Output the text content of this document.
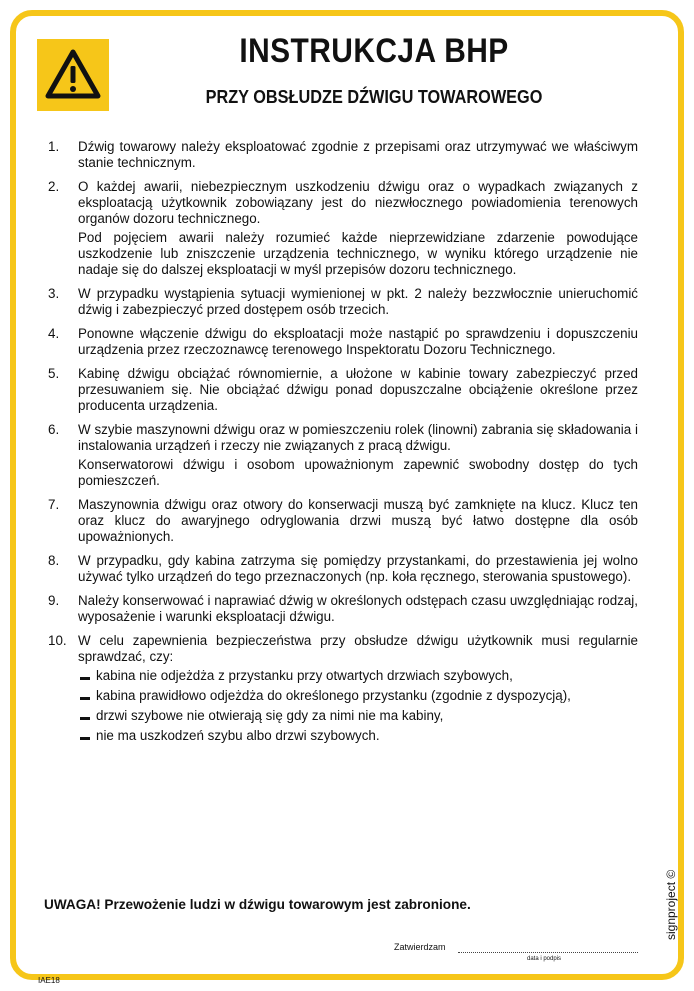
INSTRUKCJA BHP
PRZY OBSŁUDZE DŹWIGU TOWAROWEGO
1. Dźwig towarowy należy eksploatować zgodnie z przepisami oraz utrzymywać we właściwym stanie technicznym.

2. O każdej awarii, niebezpiecznym uszkodzeniu dźwigu oraz o wypadkach związanych z eksploatacją użytkownik zobowiązany jest do niezwłocznego powiadomienia terenowych organów dozoru technicznego.

Pod pojęciem awarii należy rozumieć każde nieprzewidziane zdarzenie powodujące uszkodzenie lub zniszczenie urządzenia technicznego, w wyniku którego urządzenie nie nadaje się do dalszej eksploatacji w myśl przepisów dozoru technicznego.

3. W przypadku wystąpienia sytuacji wymienionej w pkt. 2 należy bezzwłocznie unieruchomić dźwig i zabezpieczyć przed dostępem osób trzecich.

4. Ponowne włączenie dźwigu do eksploatacji może nastąpić po sprawdzeniu i dopuszczeniu urządzenia przez rzeczoznawcę terenowego Inspektoratu Dozoru Technicznego.

5. Kabinę dźwigu obciążać równomiernie, a ułożone w kabinie towary zabezpieczyć przed przesuwaniem się. Nie obciążać dźwigu ponad dopuszczalne obciążenie określone przez producenta urządzenia.

6. W szybie maszynowni dźwigu oraz w pomieszczeniu rolek (linowni) zabrania się składowania i instalowania urządzeń i rzeczy nie związanych z pracą dźwigu.

Konserwatorowi dźwigu i osobom upoważnionym zapewnić swobodny dostęp do tych pomieszczeń.

7. Maszynownia dźwigu oraz otwory do konserwacji muszą być zamknięte na klucz. Klucz ten oraz klucz do awaryjnego odryglowania drzwi muszą być łatwo dostępne dla osób upoważnionych.

8. W przypadku, gdy kabina zatrzyma się pomiędzy przystankami, do przestawienia jej wolno używać tylko urządzeń do tego przeznaczonych (np. koła ręcznego, sterowania spustowego).

9. Należy konserwować i naprawiać dźwig w określonych odstępach czasu uwzględniając rodzaj, wyposażenie i warunki eksploatacji dźwigu.

10. W celu zapewnienia bezpieczeństwa przy obsłudze dźwigu użytkownik musi regularnie sprawdzać, czy:

kabina nie odjeżdża z przystanku przy otwartych drzwiach szybowych,
kabina prawidłowo odjeżdża do określonego przystanku (zgodnie z dyspozycją),
drzwi szybowe nie otwierają się gdy za nimi nie ma kabiny,
nie ma uszkodzeń szybu albo drzwi szybowych.
UWAGA! Przewożenie ludzi w dźwigu towarowym jest zabronione.
Zatwierdzam
data i podpis
signproject ©
IAE18
